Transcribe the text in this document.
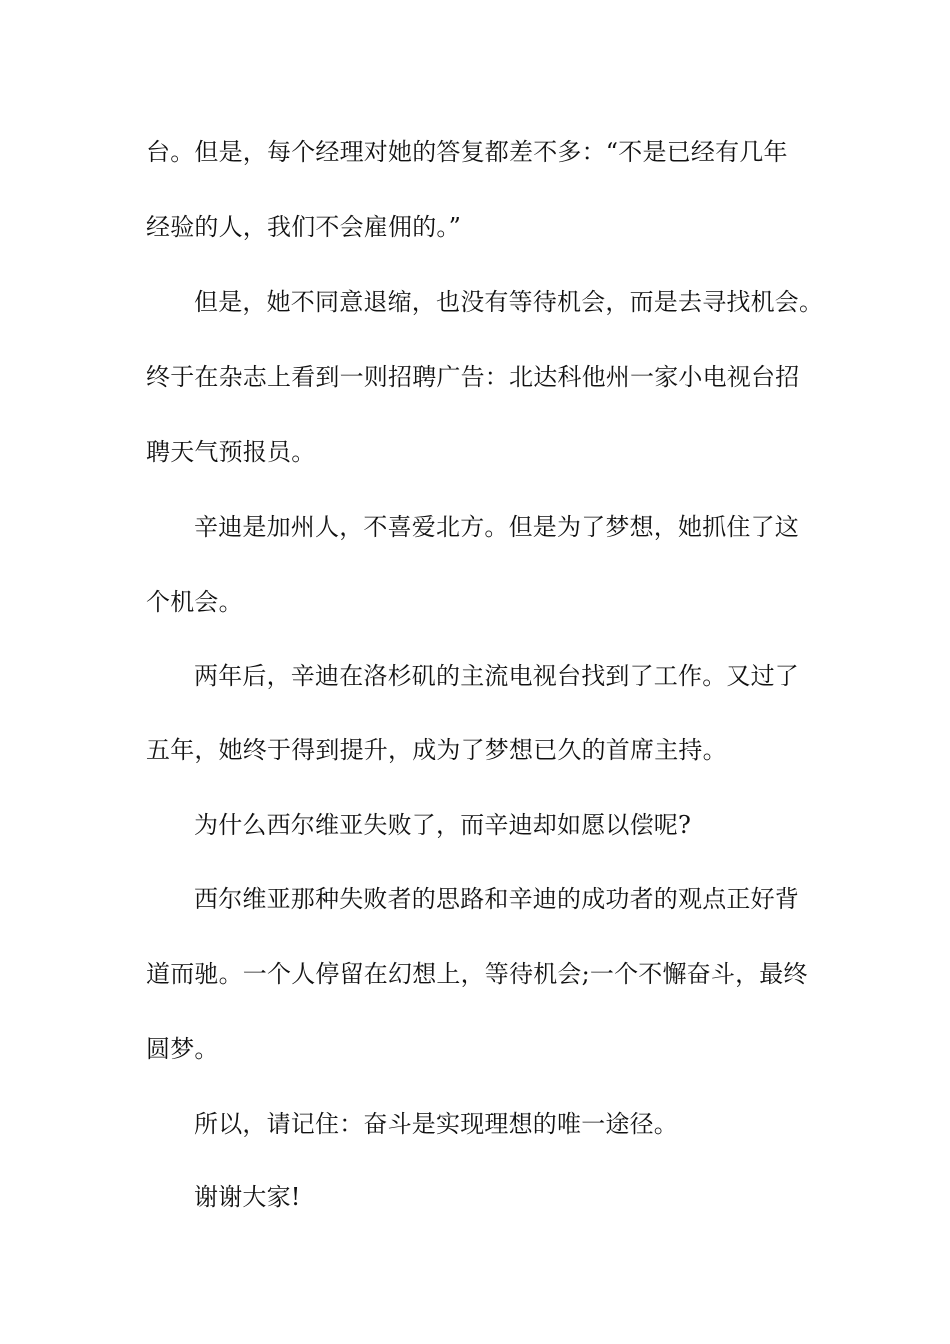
台。但是，每个经理对她的答复都差不多：“不是已经有几年
经验的人，我们不会雇佣的。”
但是，她不同意退缩，也没有等待机会，而是去寻找机会。
终于在杂志上看到一则招聘广告：北达科他州一家小电视台招
聘天气预报员。
辛迪是加州人，不喜爱北方。但是为了梦想，她抓住了这
个机会。
两年后，辛迪在洛杉矶的主流电视台找到了工作。又过了
五年，她终于得到提升，成为了梦想已久的首席主持。
为什么西尔维亚失败了，而辛迪却如愿以偿呢?
西尔维亚那种失败者的思路和辛迪的成功者的观点正好背
道而驰。一个人停留在幻想上，等待机会;一个不懈奋斗，最终
圆梦。
所以，请记住：奋斗是实现理想的唯一途径。
谢谢大家!
